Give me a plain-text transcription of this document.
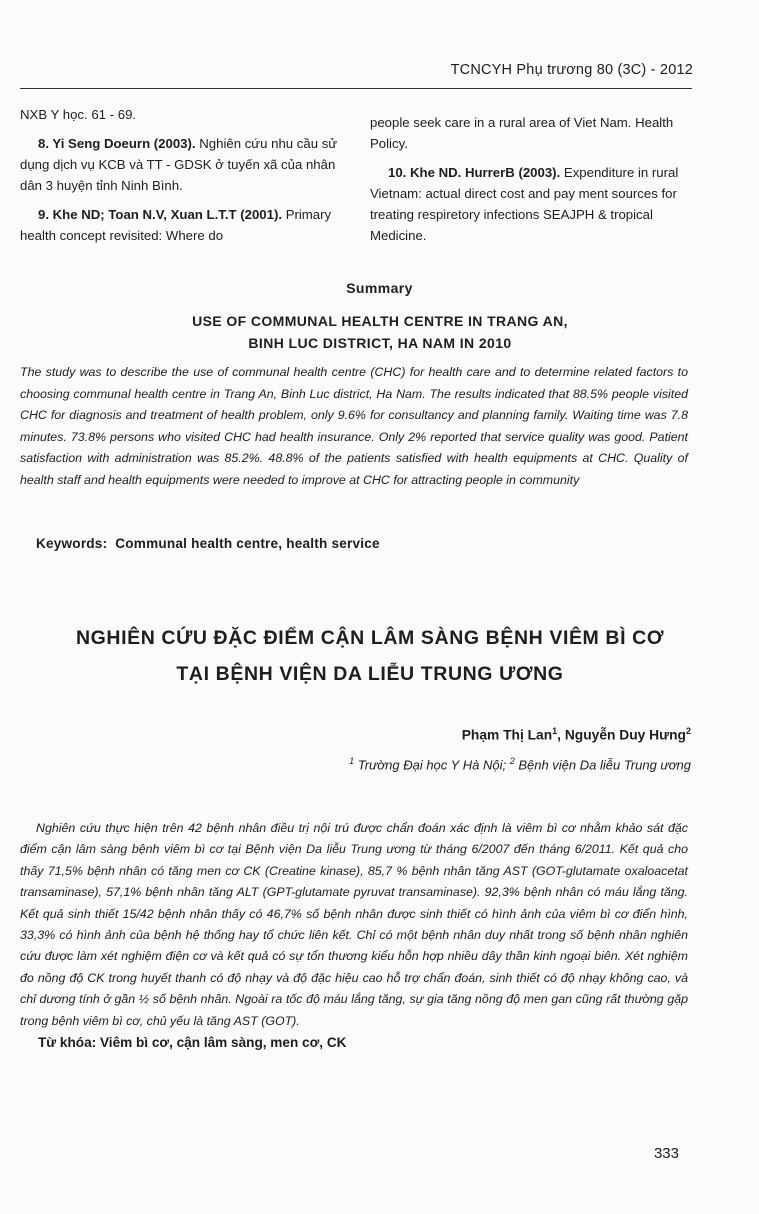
TCNCYH Phụ trương 80 (3C) - 2012

NXB Y học. 61 - 69.

8. Yi Seng Doeurn (2003). Nghiên cứu nhu cầu sử dụng dịch vụ KCB và TT - GDSK ở tuyến xã của nhân dân 3 huyện tỉnh Ninh Bình.

9. Khe ND; Toan N.V, Xuan L.T.T (2001). Primary health concept revisited: Where do

people seek care in a rural area of Viet Nam. Health Policy.

10. Khe ND. HurrerB (2003). Expenditure in rural Vietnam: actual direct cost and pay ment sources for treating respiretory infections SEAJPH & tropical Medicine.

Summary
USE OF COMMUNAL HEALTH CENTRE IN TRANG AN,
BINH LUC DISTRICT, HA NAM IN 2010
The study was to describe the use of communal health centre (CHC) for health care and to determine related factors to choosing communal health centre in Trang An, Binh Luc district, Ha Nam. The results indicated that 88.5% people visited CHC for diagnosis and treatment of health problem, only 9.6% for consultancy and planning family. Waiting time was 7.8 minutes. 73.8% persons who visited CHC had health insurance. Only 2% reported that service quality was good. Patient satisfaction with administration was 85.2%. 48.8% of the patients satisfied with health equipments at CHC. Quality of health staff and health equipments were needed to improve at CHC for attracting people in community
Keywords: Communal health centre, health service
NGHIÊN CỨU ĐẶC ĐIỂM CẬN LÂM SÀNG BỆNH VIÊM BÌ CƠ
TẠI BỆNH VIỆN DA LIỄU TRUNG ƯƠNG
Phạm Thị Lan$^1$, Nguyễn Duy Hưng$^2$
$^1$ Trường Đại học Y Hà Nội; $^2$ Bệnh viện Da liễu Trung ương
Nghiên cứu thực hiện trên 42 bệnh nhân điều trị nội trú được chẩn đoán xác định là viêm bì cơ nhằm khảo sát đặc điểm cận lâm sàng bệnh viêm bì cơ tại Bệnh viện Da liễu Trung ương từ tháng 6/2007 đến tháng 6/2011. Kết quả cho thấy 71,5% bệnh nhân có tăng men cơ CK (Creatine kinase), 85,7 % bệnh nhân tăng AST (GOT-glutamate oxaloacetat transaminase), 57,1% bệnh nhân tăng ALT (GPT-glutamate pyruvat transaminase). 92,3% bệnh nhân có máu lắng tăng. Kết quả sinh thiết 15/42 bệnh nhân thấy có 46,7% số bệnh nhân được sinh thiết có hình ảnh của viêm bì cơ điển hình, 33,3% có hình ảnh của bệnh hệ thống hay tổ chức liên kết. Chỉ có một bệnh nhân duy nhất trong số bệnh nhân nghiên cứu được làm xét nghiệm điện cơ và kết quả có sự tổn thương kiểu hỗn hợp nhiều dây thần kinh ngoại biên. Xét nghiệm đo nồng độ CK trong huyết thanh có độ nhạy và độ đặc hiệu cao hỗ trợ chẩn đoán, sinh thiết có độ nhạy không cao, và chỉ dương tính ở gần ½ số bệnh nhân. Ngoài ra tốc độ máu lắng tăng, sự gia tăng nồng độ men gan cũng rất thường gặp trong bệnh viêm bì cơ, chủ yếu là tăng AST (GOT).
Từ khóa: Viêm bì cơ, cận lâm sàng, men cơ, CK
333
